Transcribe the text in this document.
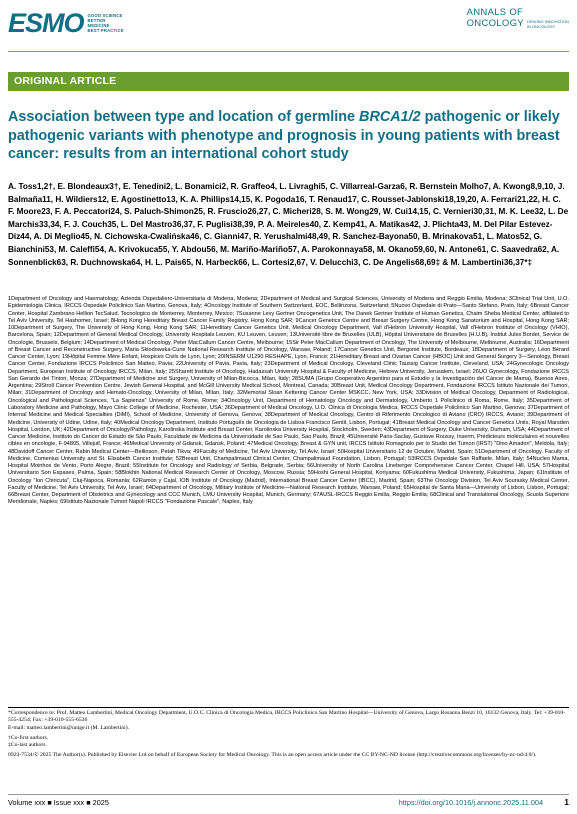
ESMO GOOD SCIENCE
BETTER MEDICINE
BEST PRACTICE
ANNALS OF
ONCOLOGY DRIVING INNOVATION
IN ONCOLOGY
ORIGINAL ARTICLE
Association between type and location of germline BRCA1/2 pathogenic or likely pathogenic variants with phenotype and prognosis in young patients with breast cancer: results from an international cohort study
A. Toss1,2†, E. Blondeaux3†, E. Tenedini2, L. Bonamici2, R. Graffeo4, L. Livraghi5, C. Villarreal-Garza6, R. Bernstein Molho7, A. Kwong8,9,10, J. Balmaña11, H. Wildiers12, E. Agostinetto13, K. A. Phillips14,15, K. Pogoda16, T. Renaud17, C. Rousset-Jablonski18,19,20, A. Ferrari21,22, H. C. F. Moore23, F. A. Peccatori24, S. Paluch-Shimon25, R. Fruscio26,27, C. Micheri28, S. M. Wong29, W. Cui14,15, C. Vernieri30,31, M. K. Lee32, L. De Marchis33,34, F. J. Couch35, L. Del Mastro36,37, F. Puglisi38,39, P. A. Meireles40, Z. Kemp41, A. Matikas42, J. Plichta43, M. Del Pilar Estevez-Diz44, A. Di Meglio45, N. Cichowska-Cwalińska46, C. Gianni47, R. Yerushalmi48,49, R. Sanchez-Bayona50, B. Mrinakova51, L. Matos52, G. Bianchini53, M. Caleffi54, A. Krivokuca55, Y. Abdou56, M. Mariño-Mariño57, A. Parokonnaya58, M. Okano59,60, N. Antone61, C. Saavedra62, A. Sonnenblick63, R. Duchnowska64, H. L. Pais65, N. Harbeck66, L. Cortesi2,67, V. Delucchi3, C. De Angelis68,69‡ & M. Lambertini36,37*‡
1Department of Oncology and Haematology, Azienda Ospedaliero-Universitaria di Modena, Modena; 2Department of Medical and Surgical Sciences, University of Modena and Reggio Emilia, Modena; 3Clinical Trial Unit, U.O. Epidemiologia Clinica, IRCCS Ospedale Policlinico San Martino, Genova, Italy; 4Oncology Institute of Southern Switzerland, EOC, Bellinzona, Switzerland; 5Nuovo Ospedale di Prato—Santo Stefano, Prato, Italy; 6Breast Cancer Center, Hospital Zambrano Hellion TecSalud, Tecnologico de Monterrey, Monterrey, Mexico; 7Susanne Levy Gertner Oncogenetics Unit, The Danek Gertner Institute of Human Genetics, Chaim Sheba Medical Center, affiliated to Tel Aviv University, Tel Hashomer, Israel; 8Hong Kong Hereditary Breast Cancer Family Registry, Hong Kong SAR; 9Cancer Genetics Centre and Breast Surgery Centre, Hong Kong Sanatorium and Hospital, Hong Kong SAR; 10Department of Surgery, The University of Hong Kong, Hong Kong SAR; 11Hereditary Cancer Genetics Unit, Medical Oncology Department, Vall d'Hebron University Hospital, Vall d'Hebron Institute of Oncology (VHIO), Barcelona, Spain; 12Department of General Medical Oncology, University Hospitals Leuven, KU Leuven, Leuven; 13Université libre de Bruxelles (ULB), Hôpital Universitaire de Bruxelles (H.U.B), Institut Jules Bordet, Service de Oncologie, Brussels, Belgium; 14Department of Medical Oncology, Peter MacCallum Cancer Centre, Melbourne; 15Sir Peter MacCallum Department of Oncology, The University of Melbourne, Melbourne, Australia; 16Department of Breast Cancer and Reconstructive Surgery, Maria Sklodowska-Curie National Research Institute of Oncology, Warsaw, Poland; 17Cancer Genetics Unit, Bergonié Institute, Bordeaux; 18Department of Surgery, Léon Bérard Cancer Center, Lyon; 19Hôpital Femme Mère Enfant, Hospices Civils de Lyon, Lyon; 20INSERM U1290 RESHAPE, Lyon, France; 21Hereditary Breast and Ovarian Cancer (HBOC) Unit and General Surgery 3—Senology, Breast Cancer Center, Fondazione IRCCS Policlinico San Matteo, Pavia; 22University of Pavia, Pavia, Italy; 23Department of Medical Oncology, Cleveland Clinic Taussig Cancer Institute, Cleveland, USA; 24Gynecologic Oncology Department, European Institute of Oncology IRCCS, Milan, Italy; 25Sharett Institute of Oncology, Hadassah University Hospital & Faculty of Medicine, Hebrew University, Jerusalem, Israel; 26UO Gynecology, Fondazione IRCCS San Gerardo dei Tintori, Monza; 27Department of Medicine and Surgery, University of Milan-Bicocca, Milan, Italy; 28SUMA (Grupo Cooperativo Argentino para el Estudio y la Investigación del Cáncer de Mama), Buenos Aires, Argentina; 29Stroll Cancer Prevention Centre, Jewish General Hospital, and McGill University Medical School, Montreal, Canada; 30Breast Unit, Medical Oncology Department, Fondazione IRCCS Istituto Nazionale dei Tumori, Milan; 31Department of Oncology and Hemato-Oncology, University of Milan, Milan, Italy; 32Memorial Sloan Kettering Cancer Center MSKCC, New York, USA; 33Division of Medical Oncology, Department of Radiological, Oncological and Pathological Sciences, "La Sapienza" University of Rome, Rome; 34Oncology Unit, Department of Hematology Oncology and Dermatology, Umberto 1 Policlinico di Roma, Rome, Italy; 35Department of Laboratory Medicine and Pathology, Mayo Clinic College of Medicine, Rochester, USA; 36Department of Medical Oncology, U.O. Clinica di Oncologia Medica, IRCCS Ospedale Policlinico San Martino, Genova; 37Department of Internal Medicine and Medical Specialties (DiMI), School of Medicine, University of Genova, Genova; 38Department of Medical Oncology, Centro di Riferimento Oncologico di Aviano (CRO) IRCCS, Aviano; 39Department of Medicine, University of Udine, Udine, Italy; 40Medical Oncology Department, Instituto Português de Oncologia de Lisboa Francisco Gentil, Lisbon, Portugal; 41Breast Medical Oncology and Cancer Genetics Units, Royal Marsden Hospital, London, UK; 42Department of Oncology/Pathology, Karolinska Institute and Breast Center, Karolinska University Hospital, Stockholm, Sweden; 43Department of Surgery, Duke University, Durham, USA; 44Department of Cancer Medicine, Instituto do Cancer do Estado de São Paulo, Faculdade de Medicina da Universidade de Sao Paulo, Sao Paulo, Brazil; 45Université Paris-Saclay, Gustave Roussy, Inserm, Prédicteurs moléculaires et nouvelles cibles en oncologie, F-94805, Villejuif, France; 46Medical University of Gdansk, Gdansk, Poland; 47Medical Oncology, Breast & GYN unit, IRCCS Istituto Romagnolo per lo Studio dei Tumori (IRST) "Dino Amadori", Meldola, Italy; 48Davidoff Cancer Center, Rabin Medical Center—Beilinson, Petah Tikva; 49Faculty of Medicine, Tel Aviv University, Tel Aviv, Israel; 50Hospital Universitario 12 de Octubre, Madrid, Spain; 51Department of Oncology, Faculty of Medicine, Comenius University and St. Elisabeth Cancer Institute; 52Breast Unit, Champalimaud Clinical Center, Champalimaud Foundation, Lisbon, Portugal; 53IRCCS Ospedale San Raffaele, Milan, Italy; 54Nucleo Mama, Hospital Moinhos de Vento, Porto Alegre, Brazil; 55Institute for Oncology and Radiology of Serbia, Belgrade, Serbia; 56University of North Carolina Lineberger Comprehensive Cancer Center, Chapel Hill, USA; 57Hospital Universitario Son Espases, Palma, Spain; 58Blokhin National Medical Research Center of Oncology, Moscow, Russia; 59Hoshi General Hospital, Koriyama; 60Fukushima Medical University, Fukushima, Japan; 61Institute of Oncology "Ion Chiricuta", Cluj-Napoca, Romania; 62Ramon y Cajal, IOB Institute of Oncology (Madrid), International Breast Cancer Center (IBCC), Madrid, Spain; 63The Oncology Division, Tel Aviv Sourasky Medical Center, Faculty of Medicine, Tel Aviv University, Tel Aviv, Israel; 64Department of Oncology, Military Institute of Medicine—National Research Institute, Warsaw, Poland; 65Hospital de Santa Maria—University of Lisbon, Lisbon, Portugal; 66Breast Center, Department of Obstetrics and Gynecology and CCC Munich, LMU University Hospital, Munich, Germany; 67AUSL-IRCCS Reggio Emilia, Reggio Emilia; 68Clinical and Translational Oncology, Scuola Superiore Meridionale, Naples; 69Istituto Nazionale Tumori Napoli IRCCS "Fondazione Pascale", Naples, Italy

*Correspondence to: Prof. Matteo Lambertini, Medical Oncology Department, U.O.C. Clinica di Oncologia Medica, IRCCS Policlinico San Martino Hospital—University of Genova, Largo Rosanna Benzi 10, 16132 Genova, Italy. Tel: +39-010-555-4254; Fax: +39-010-555-6536

E-mail: matteo.lambertini@unige.it (M. Lambertini).

†Co-first authors.

‡Co-last authors.

0923-7534/© 2025 The Author(s). Published by Elsevier Ltd on behalf of European Society for Medical Oncology. This is an open access article under the CC BY-NC-ND license (http://creativecommons.org/licenses/by-nc-nd/4.0/).

Volume xxx ■ Issue xxx ■ 2025	https://doi.org/10.1016/j.annonc.2025.11.004	1
